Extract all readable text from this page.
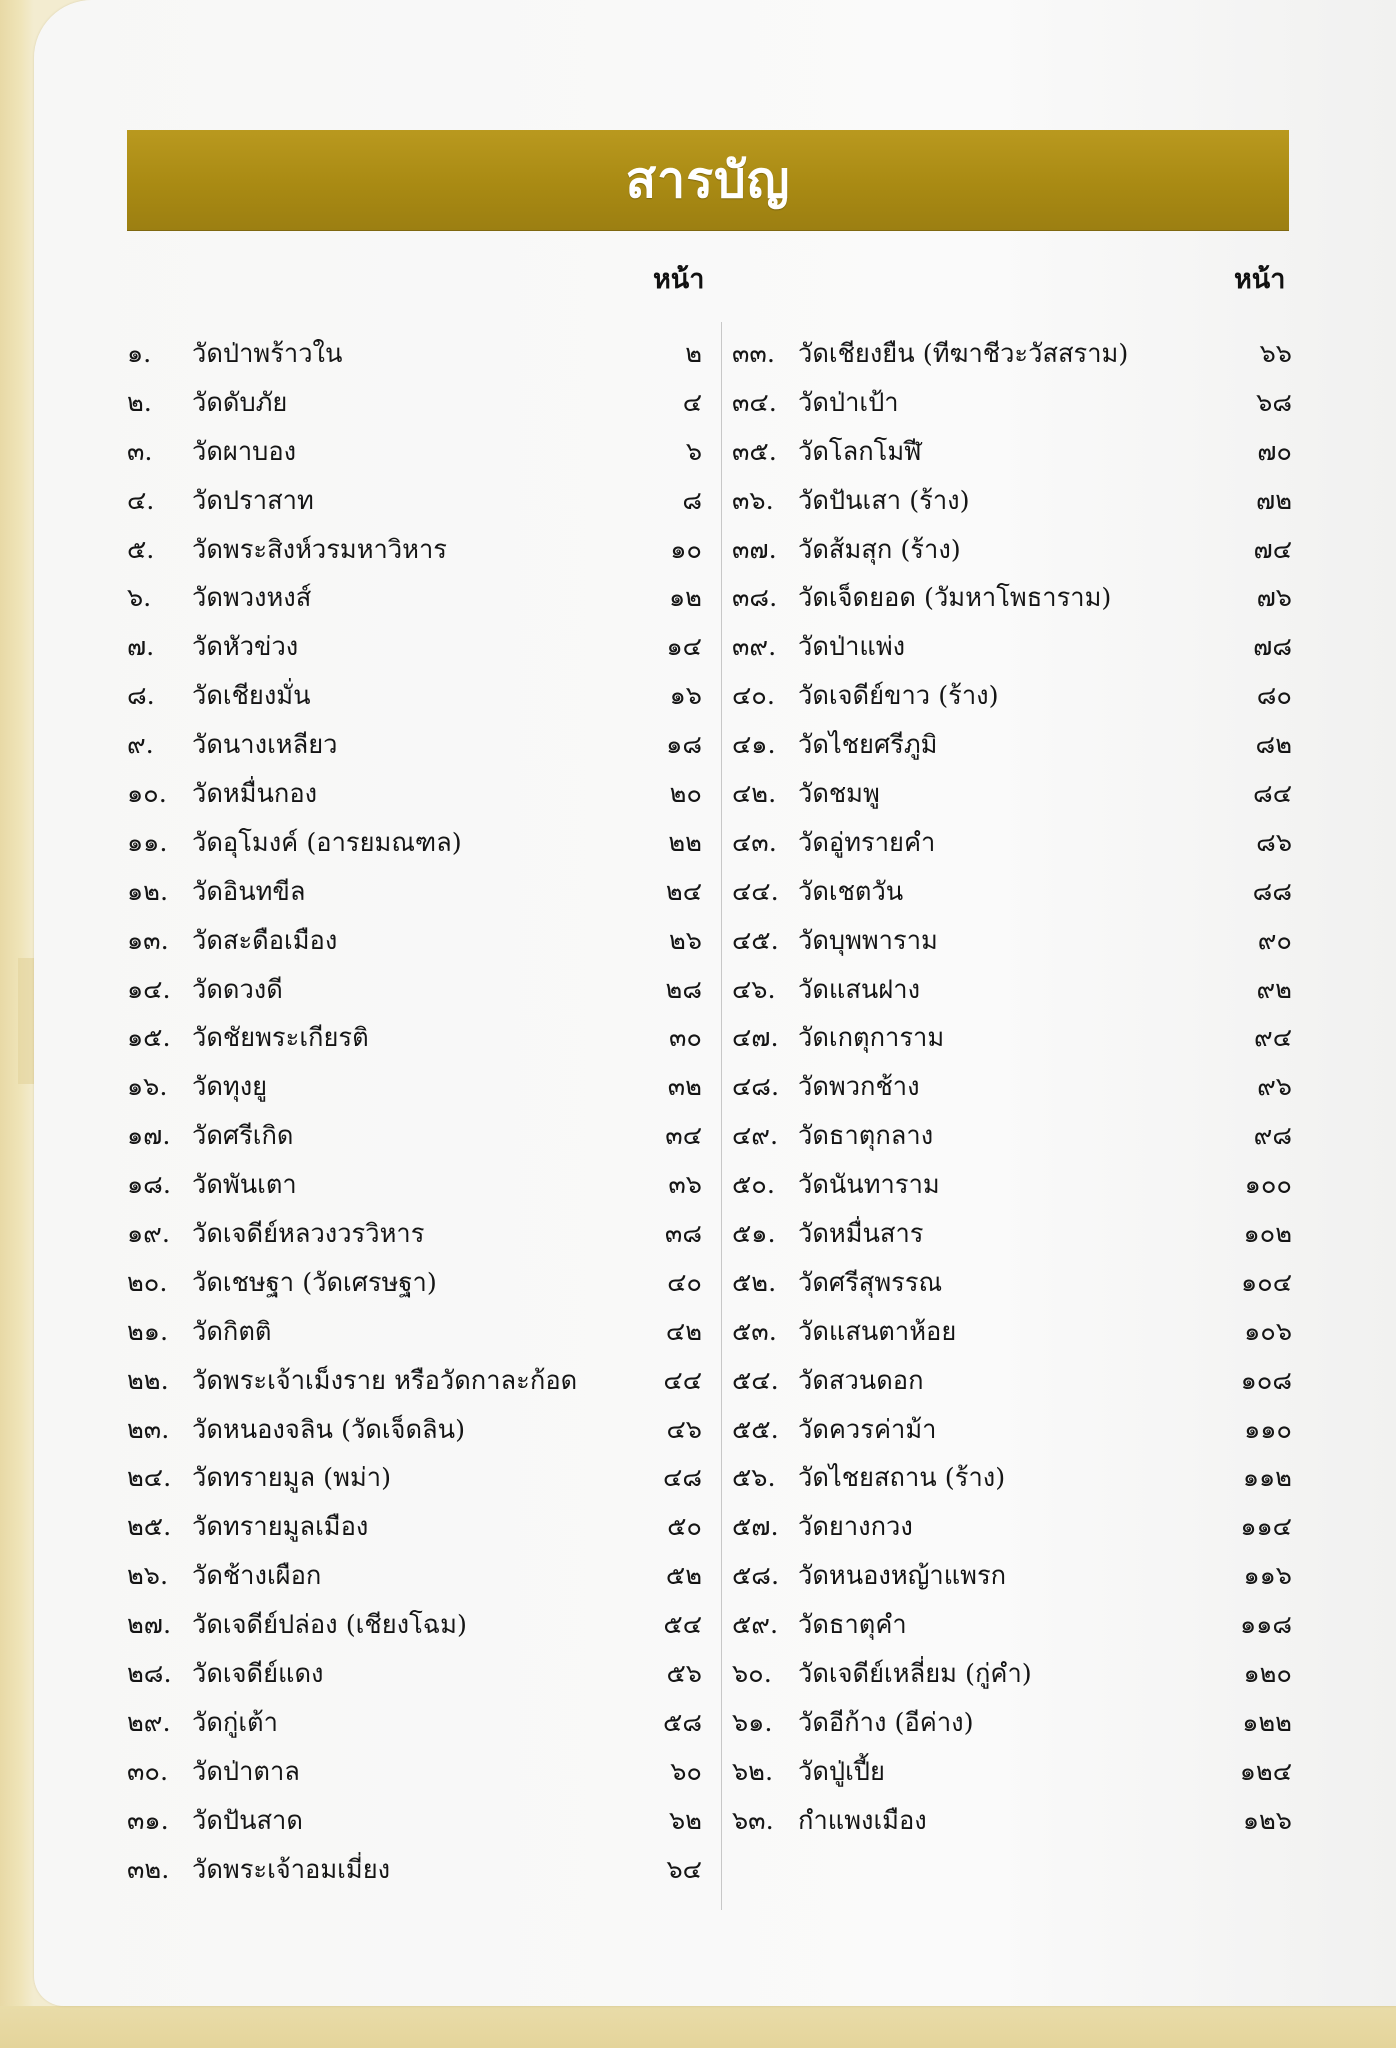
สารบัญ
หน้า	หน้า
๑. วัดป่าพร้าวใน	๒
๒. วัดดับภัย	๔
๓. วัดผาบอง	๖
๔. วัดปราสาท	๘
๕. วัดพระสิงห์วรมหาวิหาร	๑๐
๖. วัดพวงหงส์	๑๒
๗. วัดหัวข่วง	๑๔
๘. วัดเชียงมั่น	๑๖
๙. วัดนางเหลียว	๑๘
๑๐. วัดหมื่นกอง	๒๐
๑๑. วัดอุโมงค์ (อารยมณฑล)	๒๒
๑๒. วัดอินทขีล	๒๔
๑๓. วัดสะดือเมือง	๒๖
๑๔. วัดดวงดี	๒๘
๑๕. วัดชัยพระเกียรติ	๓๐
๑๖. วัดทุงยู	๓๒
๑๗. วัดศรีเกิด	๓๔
๑๘. วัดพันเตา	๓๖
๑๙. วัดเจดีย์หลวงวรวิหาร	๓๘
๒๐. วัดเชษฐา (วัดเศรษฐา)	๔๐
๒๑. วัดกิตติ	๔๒
๒๒. วัดพระเจ้าเม็งราย หรือวัดกาละก้อด	๔๔
๒๓. วัดหนองจลิน (วัดเจ็ดลิน)	๔๖
๒๔. วัดทรายมูล (พม่า)	๔๘
๒๕. วัดทรายมูลเมือง	๕๐
๒๖. วัดช้างเผือก	๕๒
๒๗. วัดเจดีย์ปล่อง (เชียงโฉม)	๕๔
๒๘. วัดเจดีย์แดง	๕๖
๒๙. วัดกู่เต้า	๕๘
๓๐. วัดป่าตาล	๖๐
๓๑. วัดปันสาด	๖๒
๓๒. วัดพระเจ้าอมเมี่ยง	๖๔
๓๓. วัดเชียงยืน (ทีฆาชีวะวัสสราม)	๖๖
๓๔. วัดป่าเป้า	๖๘
๓๕. วัดโลกโมฬี	๗๐
๓๖. วัดปันเสา (ร้าง)	๗๒
๓๗. วัดส้มสุก (ร้าง)	๗๔
๓๘. วัดเจ็ดยอด (วัมหาโพธาราม)	๗๖
๓๙. วัดป่าแพ่ง	๗๘
๔๐. วัดเจดีย์ขาว (ร้าง)	๘๐
๔๑. วัดไชยศรีภูมิ	๘๒
๔๒. วัดชมพู	๘๔
๔๓. วัดอู่ทรายคำ	๘๖
๔๔. วัดเชตวัน	๘๘
๔๕. วัดบุพพาราม	๙๐
๔๖. วัดแสนฝาง	๙๒
๔๗. วัดเกตุการาม	๙๔
๔๘. วัดพวกช้าง	๙๖
๔๙. วัดธาตุกลาง	๙๘
๕๐. วัดนันทาราม	๑๐๐
๕๑. วัดหมื่นสาร	๑๐๒
๕๒. วัดศรีสุพรรณ	๑๐๔
๕๓. วัดแสนตาห้อย	๑๐๖
๕๔. วัดสวนดอก	๑๐๘
๕๕. วัดควรค่าม้า	๑๑๐
๕๖. วัดไชยสถาน (ร้าง)	๑๑๒
๕๗. วัดยางกวง	๑๑๔
๕๘. วัดหนองหญ้าแพรก	๑๑๖
๕๙. วัดธาตุคำ	๑๑๘
๖๐. วัดเจดีย์เหลี่ยม (กู่คำ)	๑๒๐
๖๑. วัดอีก้าง (อีค่าง)	๑๒๒
๖๒. วัดปู่เปี้ย	๑๒๔
๖๓. กำแพงเมือง	๑๒๖
